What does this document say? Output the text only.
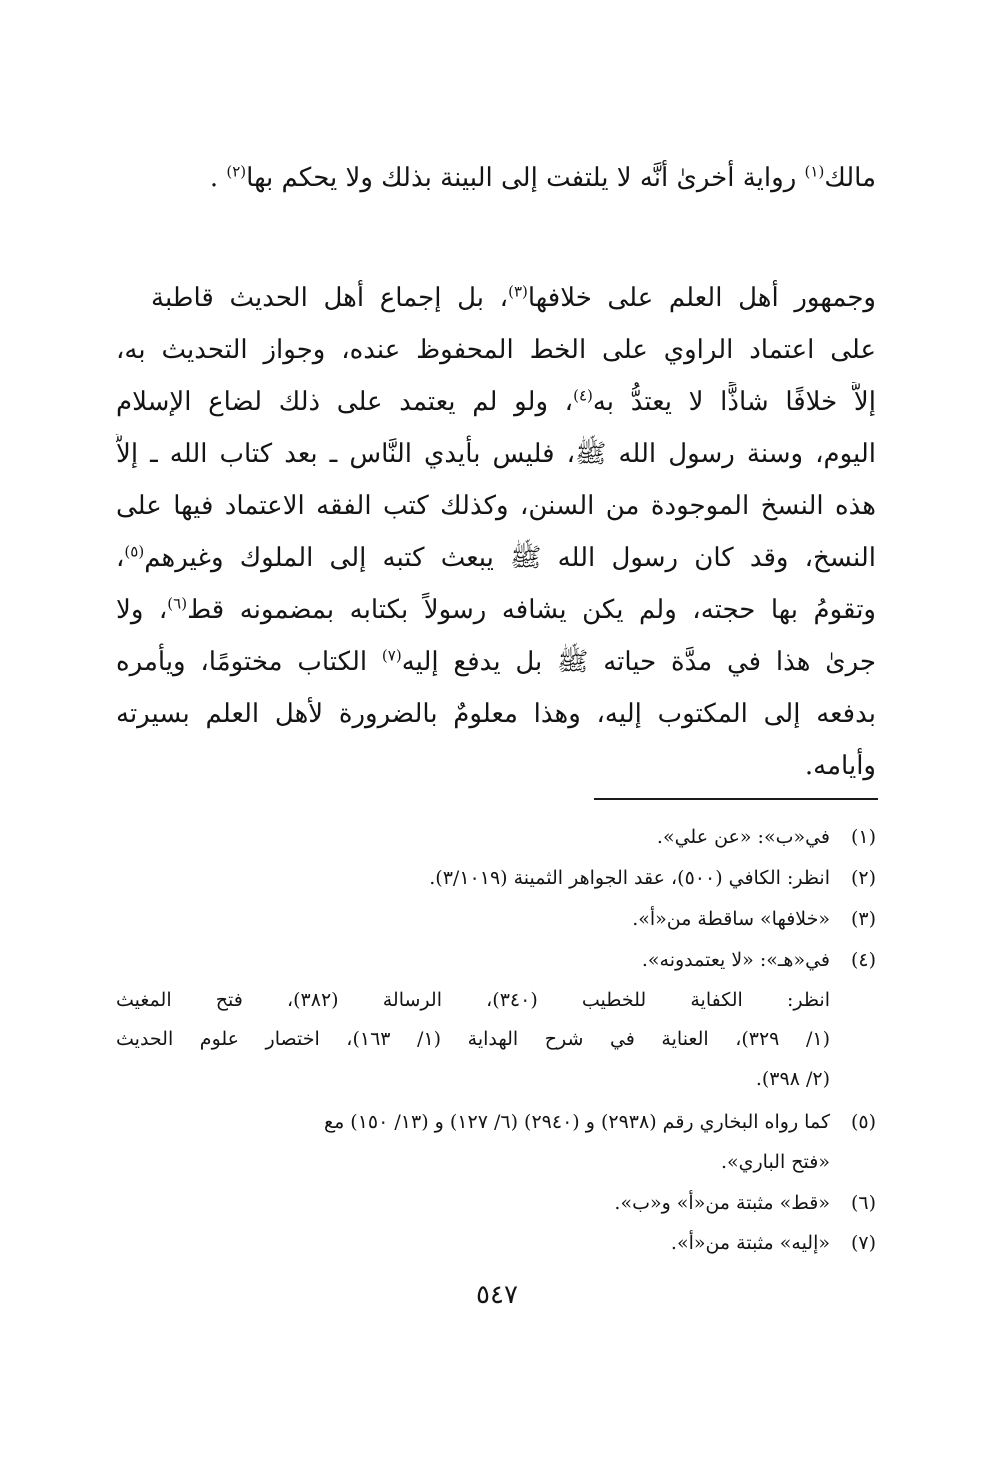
مالك$^{(١)}$ رواية أخرىٰ أنَّه لا يلتفت إلى البينة بذلك ولا يحكم بها$^{(٢)}$ .
وجمهور أهل العلم على خلافها$^{(٣)}$، بل إجماع أهل الحديث قاطبة
على اعتماد الراوي على الخط المحفوظ عنده، وجواز التحديث به،
إلاَّ خلافًا شاذًّا لا يعتدُّ به$^{(٤)}$، ولو لم يعتمد على ذلك لضاع الإسلام
اليوم، وسنة رسول الله ﷺ، فليس بأيدي النَّاس ـ بعد كتاب الله ـ إلاَّ
هذه النسخ الموجودة من السنن، وكذلك كتب الفقه الاعتماد فيها على
النسخ، وقد كان رسول الله ﷺ يبعث كتبه إلى الملوك وغيرهم$^{(٥)}$،
وتقومُ بها حجته، ولم يكن يشافه رسولاً بكتابه بمضمونه قط$^{(٦)}$، ولا
جرىٰ هذا في مدَّة حياته ﷺ بل يدفع إليه$^{(٧)}$ الكتاب مختومًا، ويأمره
بدفعه إلى المكتوب إليه، وهذا معلومٌ بالضرورة لأهل العلم بسيرته
وأيامه.
(١)في«ب»: «عن علي».
(٢)انظر: الكافي (٥٠٠)، عقد الجواهر الثمينة (٣/١٠١٩).
(٣)«خلافها» ساقطة من«أ».
(٤)في«هـ»: «لا يعتمدونه».
انظر: الكفاية للخطيب (٣٤٠)، الرسالة (٣٨٢)، فتح المغيث
(١/ ٣٢٩)، العناية في شرح الهداية (١/ ١٦٣)، اختصار علوم الحديث
(٢/ ٣٩٨).
(٥)كما رواه البخاري رقم (٢٩٣٨) و (٢٩٤٠) (٦/ ١٢٧) و (١٣/ ١٥٠) مع
«فتح الباري».
(٦)«قط» مثبتة من«أ» و«ب».
(٧)«إليه» مثبتة من«أ».
٥٤٧
